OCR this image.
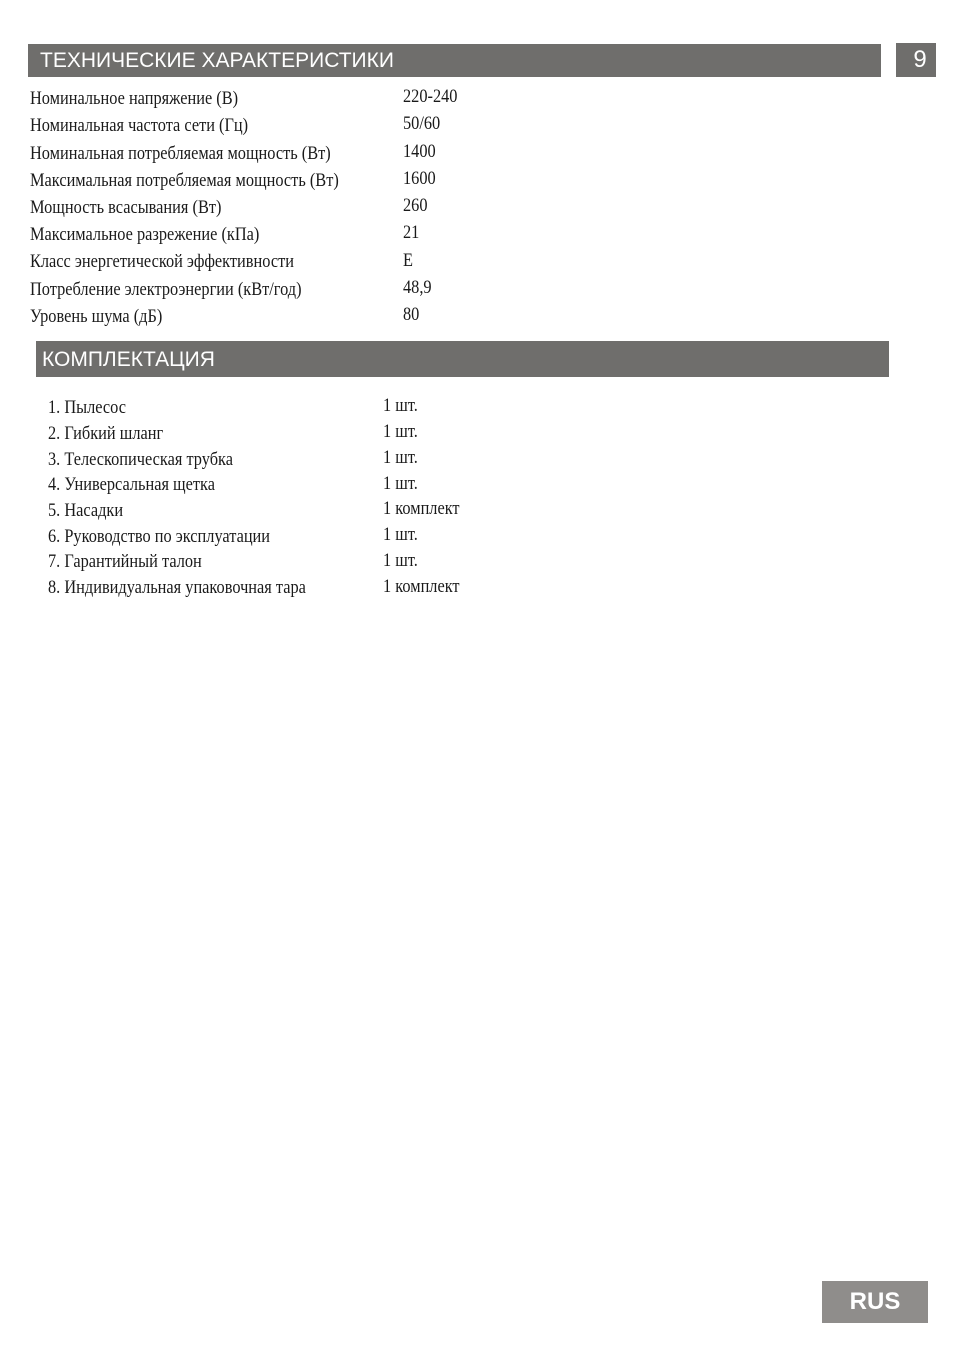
ТЕХНИЧЕСКИЕ ХАРАКТЕРИСТИКИ	9
Номинальное напряжение (В)	220-240
Номинальная частота сети (Гц)	50/60
Номинальная потребляемая мощность (Вт)	1400
Максимальная потребляемая мощность (Вт)	1600
Мощность всасывания (Вт)	260
Максимальное разрежение (кПа)	21
Класс энергетической эффективности	E
Потребление электроэнергии (кВт/год)	48,9
Уровень шума (дБ)	80
КОМПЛЕКТАЦИЯ
1. Пылесос	1 шт.
2. Гибкий шланг	1 шт.
3. Телескопическая трубка	1 шт.
4. Универсальная щетка	1 шт.
5. Насадки	1 комплект
6. Руководство по эксплуатации	1 шт.
7. Гарантийный талон	1 шт.
8. Индивидуальная упаковочная тара	1 комплект
RUS
